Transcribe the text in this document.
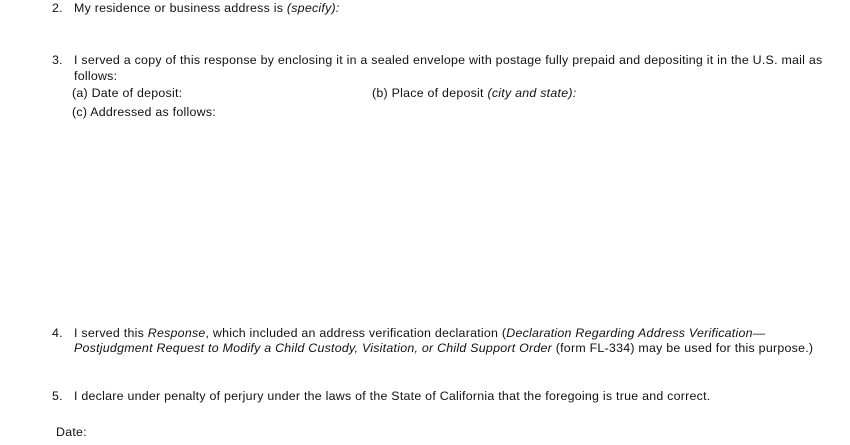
2. My residence or business address is (specify):
3. I served a copy of this response by enclosing it in a sealed envelope with postage fully prepaid and depositing it in the U.S. mail as
follows:
(a) Date of deposit:	(b) Place of deposit (city and state):
(c) Addressed as follows:
4. I served this Response, which included an address verification declaration (Declaration Regarding Address Verification—
Postjudgment Request to Modify a Child Custody, Visitation, or Child Support Order (form FL-334) may be used for this purpose.)
5. I declare under penalty of perjury under the laws of the State of California that the foregoing is true and correct.
Date:
